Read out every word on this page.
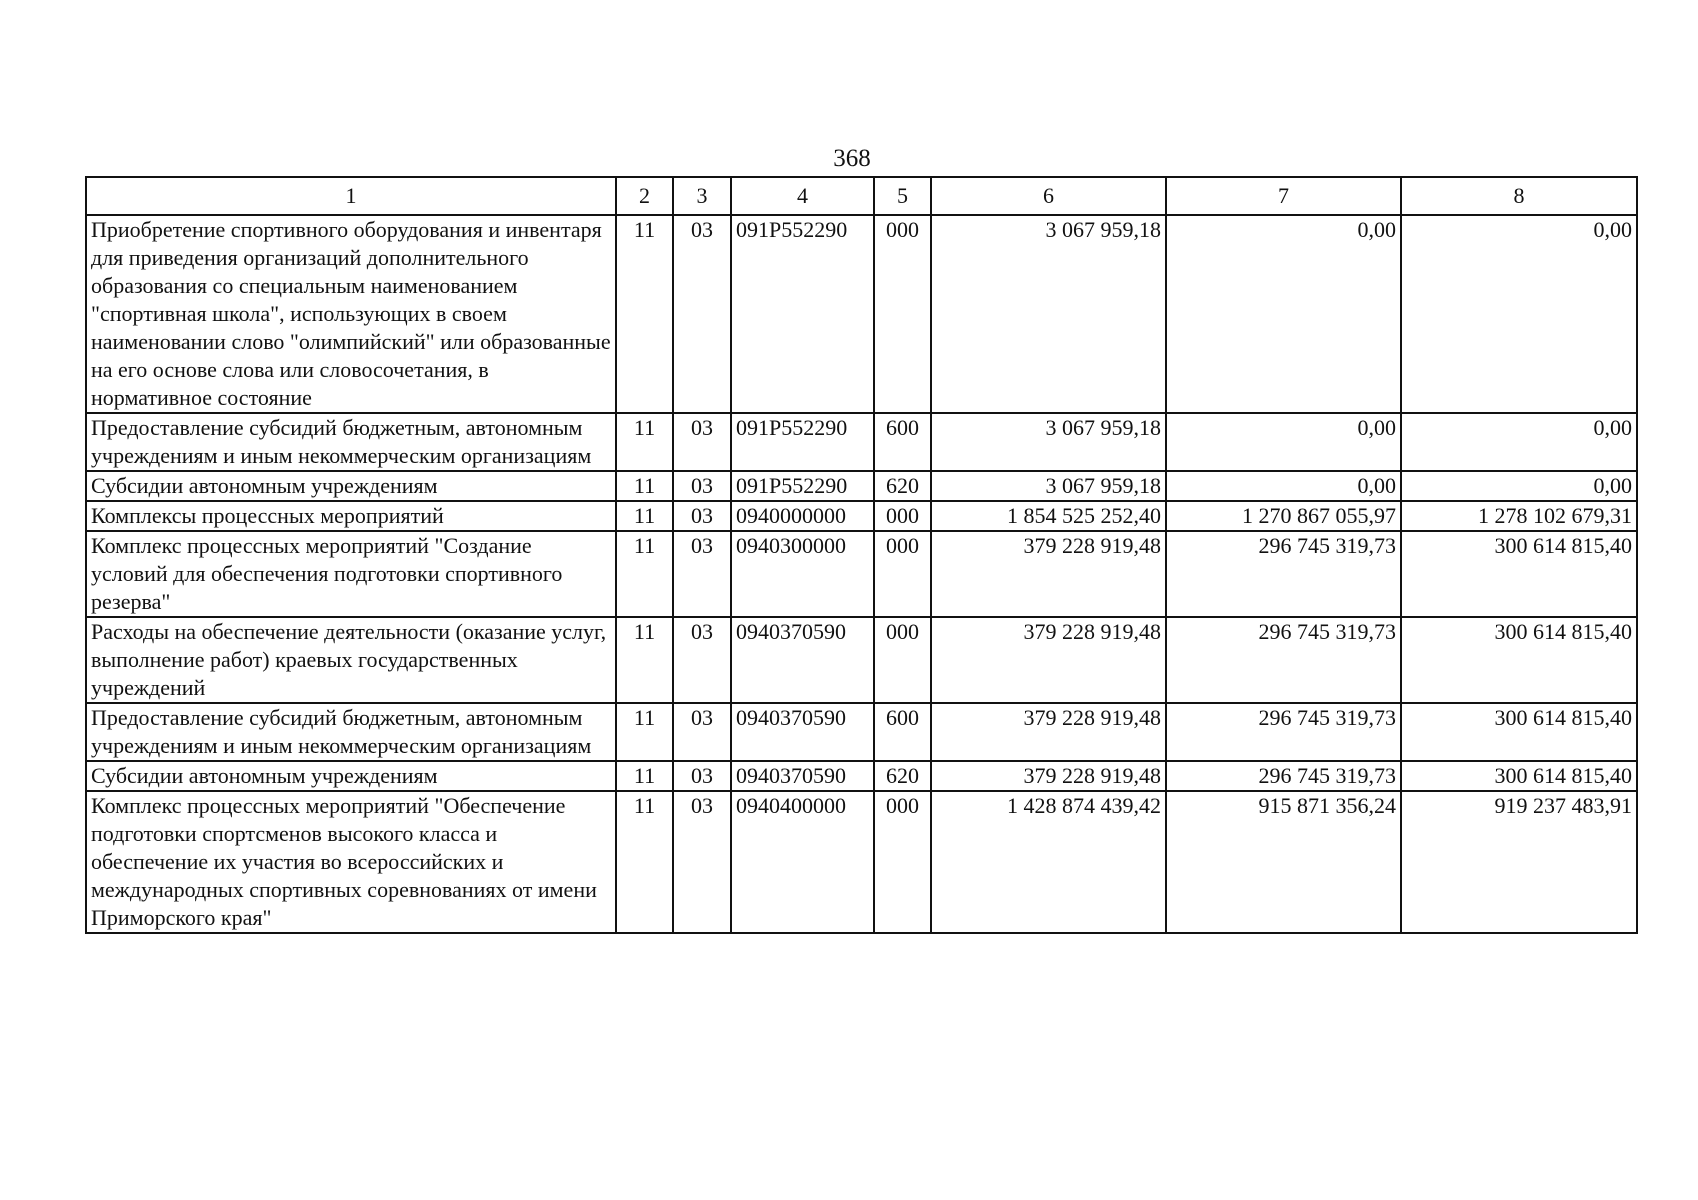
368
1	2	3	4	5	6	7	8
Приобретение спортивного оборудования и инвентаря для приведения организаций дополнительного образования со специальным наименованием "спортивная школа", использующих в своем наименовании слово "олимпийский" или образованные на его основе слова или словосочетания, в нормативное состояние	11	03	091P552290	000	3 067 959,18	0,00	0,00
Предоставление субсидий бюджетным, автономным учреждениям и иным некоммерческим организациям	11	03	091P552290	600	3 067 959,18	0,00	0,00
Субсидии автономным учреждениям	11	03	091P552290	620	3 067 959,18	0,00	0,00
Комплексы процессных мероприятий	11	03	0940000000	000	1 854 525 252,40	1 270 867 055,97	1 278 102 679,31
Комплекс процессных мероприятий "Создание условий для обеспечения подготовки спортивного резерва"	11	03	0940300000	000	379 228 919,48	296 745 319,73	300 614 815,40
Расходы на обеспечение деятельности (оказание услуг, выполнение работ) краевых государственных учреждений	11	03	0940370590	000	379 228 919,48	296 745 319,73	300 614 815,40
Предоставление субсидий бюджетным, автономным учреждениям и иным некоммерческим организациям	11	03	0940370590	600	379 228 919,48	296 745 319,73	300 614 815,40
Субсидии автономным учреждениям	11	03	0940370590	620	379 228 919,48	296 745 319,73	300 614 815,40
Комплекс процессных мероприятий "Обеспечение подготовки спортсменов высокого класса и обеспечение их участия во всероссийских и международных спортивных соревнованиях от имени Приморского края"	11	03	0940400000	000	1 428 874 439,42	915 871 356,24	919 237 483,91
